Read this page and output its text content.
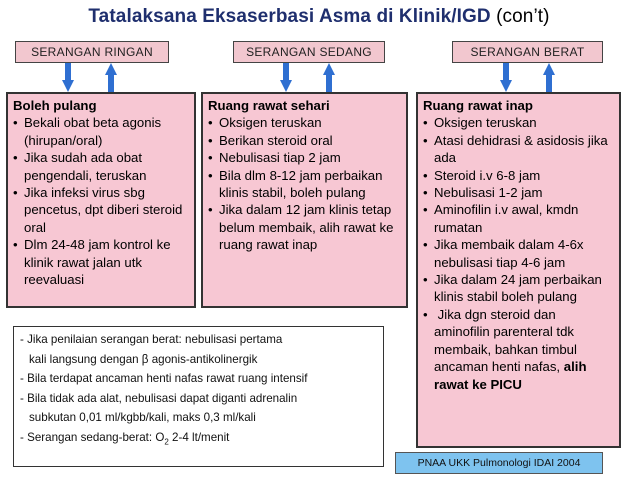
Tatalaksana Eksaserbasi Asma di Klinik/IGD (con’t)
SERANGAN RINGAN	SERANGAN SEDANG	SERANGAN BERAT
Boleh pulang
• Bekali obat beta agonis (hirupan/oral)
• Jika sudah ada obat pengendali, teruskan
• Jika infeksi virus sbg pencetus, dpt diberi steroid oral
• Dlm 24-48 jam kontrol ke klinik rawat jalan utk reevaluasi
Ruang rawat sehari
• Oksigen teruskan
• Berikan steroid oral
• Nebulisasi tiap 2 jam
• Bila dlm 8-12 jam perbaikan klinis stabil, boleh pulang
• Jika dalam 12 jam klinis tetap belum membaik, alih rawat ke ruang rawat inap
Ruang rawat inap
• Oksigen teruskan
• Atasi dehidrasi & asidosis jika ada
• Steroid i.v 6-8 jam
• Nebulisasi 1-2 jam
• Aminofilin i.v awal, kmdn rumatan
• Jika membaik dalam 4-6x nebulisasi tiap 4-6 jam
• Jika dalam 24 jam perbaikan klinis stabil boleh pulang
• Jika dgn steroid dan aminofilin parenteral tdk membaik, bahkan timbul ancaman henti nafas, alih rawat ke PICU

- Jika penilaian serangan berat: nebulisasi pertama

kali langsung dengan β agonis-antikolinergik

- Bila terdapat ancaman henti nafas rawat ruang intensif

- Bila tidak ada alat, nebulisasi dapat diganti adrenalin

subkutan 0,01 ml/kgbb/kali, maks 0,3 ml/kali

- Serangan sedang-berat: $O_2$ 2-4 lt/menit

PNAA UKK Pulmonologi IDAI 2004
